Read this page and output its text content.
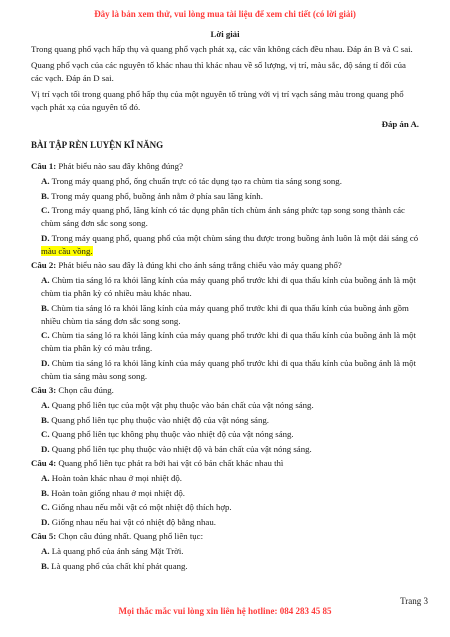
Đây là bản xem thử, vui lòng mua tài liệu để xem chi tiết (có lời giải)
Lời giải

Trong quang phổ vạch hấp thụ và quang phổ vạch phát xạ, các vân không cách đều nhau. Đáp án B và C sai.

Quang phổ vạch của các nguyên tố khác nhau thì khác nhau về số lượng, vị trí, màu sắc, độ sáng tỉ đối của các vạch. Đáp án D sai.

Vị trí vạch tối trong quang phổ hấp thụ của một nguyên tố trùng với vị trí vạch sáng màu trong quang phổ vạch phát xạ của nguyên tố đó.

Đáp án A.
BÀI TẬP RÈN LUYỆN KĨ NĂNG
Câu 1: Phát biểu nào sau đây không đúng?
A. Trong máy quang phổ, ống chuẩn trực có tác dụng tạo ra chùm tia sáng song song.
B. Trong máy quang phổ, buồng ảnh nằm ở phía sau lăng kính.
C. Trong máy quang phổ, lăng kính có tác dụng phân tích chùm ánh sáng phức tạp song song thành các chùm sáng đơn sắc song song.
D. Trong máy quang phổ, quang phổ của một chùm sáng thu được trong buồng ảnh luôn là một dải sáng có màu cầu vồng.
Câu 2: Phát biểu nào sau đây là đúng khi cho ánh sáng trắng chiếu vào máy quang phổ?
A. Chùm tia sáng ló ra khỏi lăng kính của máy quang phổ trước khi đi qua thấu kính của buồng ảnh là một chùm tia phân kỳ có nhiều màu khác nhau.
B. Chùm tia sáng ló ra khỏi lăng kính của máy quang phổ trước khi đi qua thấu kính của buồng ảnh gồm nhiều chùm tia sáng đơn sắc song song.
C. Chùm tia sáng ló ra khỏi lăng kính của máy quang phổ trước khi đi qua thấu kính của buồng ảnh là một chùm tia phân kỳ có màu trắng.
D. Chùm tia sáng ló ra khỏi lăng kính của máy quang phổ trước khi đi qua thấu kính của buồng ảnh là một chùm tia sáng màu song song.
Câu 3: Chọn câu đúng.
A. Quang phổ liên tục của một vật phụ thuộc vào bản chất của vật nóng sáng.
B. Quang phổ liên tục phụ thuộc vào nhiệt độ của vật nóng sáng.
C. Quang phổ liên tục không phụ thuộc vào nhiệt độ của vật nóng sáng.
D. Quang phổ liên tục phụ thuộc vào nhiệt độ và bản chất của vật nóng sáng.
Câu 4: Quang phổ liên tục phát ra bởi hai vật có bản chất khác nhau thì
A. Hoàn toàn khác nhau ở mọi nhiệt độ.
B. Hoàn toàn giống nhau ở mọi nhiệt độ.
C. Giống nhau nếu mỗi vật có một nhiệt độ thích hợp.
D. Giống nhau nếu hai vật có nhiệt độ bằng nhau.
Câu 5: Chọn câu đúng nhất. Quang phổ liên tục:
A. Là quang phổ của ánh sáng Mặt Trời.
B. Là quang phổ của chất khí phát quang.
Trang 3
Mọi thắc mắc vui lòng xin liên hệ hotline: 084 283 45 85
